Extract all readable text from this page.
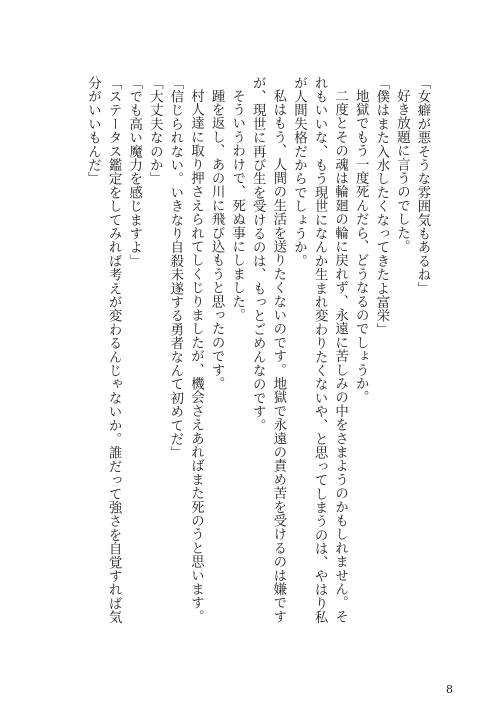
「女癖が悪そうな雰囲気もあるね」
好き放題に言うのでした。
「僕はまた入水したくなってきたよ富栄」
地獄でもう一度死んだら、どうなるのでしょうか。
二度とその魂は輪廻の輪に戻れず、永遠に苦しみの中をさまようのかもしれません。それもいいな、もう現世になんか生まれ変わりたくないや、と思ってしまうのは、やはり私が人間失格だからでしょうか。
私はもう、人間の生活を送りたくないのです。地獄で永遠の責め苦を受けるのは嫌ですが、現世に再び生を受けるのは、もっとごめんなのです。
そういうわけで、死ぬ事にしました。
踵を返し、あの川に飛び込もうと思ったのです。
村人達に取り押さえられてしくじりましたが、機会さえあればまた死のうと思います。
「信じられない。いきなり自殺未遂する勇者なんて初めてだ」
「大丈夫なのか」
「でも高い魔力を感じますよ」
「ステータス鑑定をしてみれば考えが変わるんじゃないか。誰だって強さを自覚すれば気分がいいもんだ」
8
